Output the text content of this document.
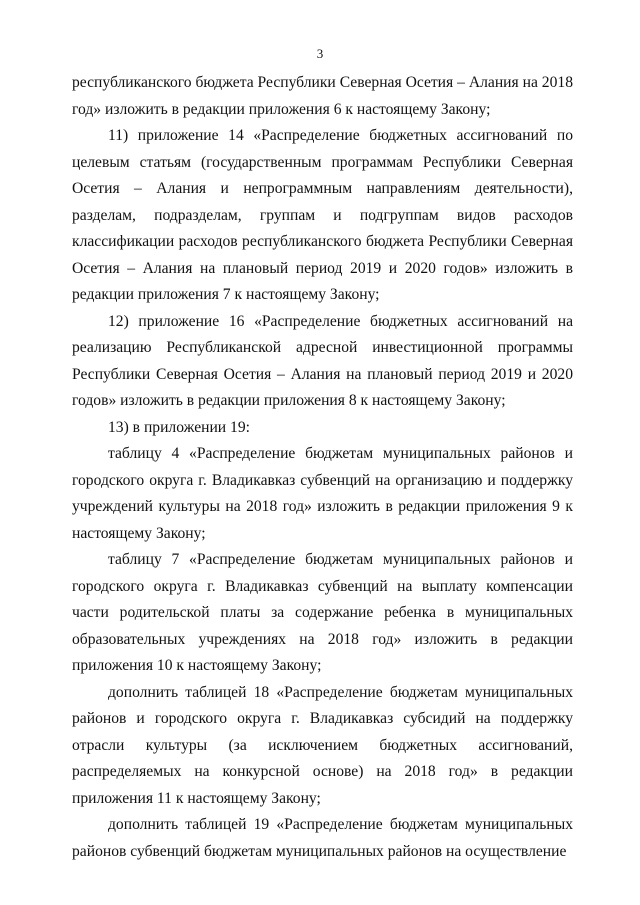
3

республиканского бюджета Республики Северная Осетия – Алания на 2018 год» изложить в редакции приложения 6 к настоящему Закону;

11) приложение 14 «Распределение бюджетных ассигнований по целевым статьям (государственным программам Республики Северная Осетия – Алания и непрограммным направлениям деятельности), разделам, подразделам, группам и подгруппам видов расходов классификации расходов республиканского бюджета Республики Северная Осетия – Алания на плановый период 2019 и 2020 годов» изложить в редакции приложения 7 к настоящему Закону;

12) приложение 16 «Распределение бюджетных ассигнований на реализацию Республиканской адресной инвестиционной программы Республики Северная Осетия – Алания на плановый период 2019 и 2020 годов» изложить в редакции приложения 8 к настоящему Закону;

13) в приложении 19:

таблицу 4 «Распределение бюджетам муниципальных районов и городского округа г. Владикавказ субвенций на организацию и поддержку учреждений культуры на 2018 год» изложить в редакции приложения 9 к настоящему Закону;

таблицу 7 «Распределение бюджетам муниципальных районов и городского округа г. Владикавказ субвенций на выплату компенсации части родительской платы за содержание ребенка в муниципальных образовательных учреждениях на 2018 год» изложить в редакции приложения 10 к настоящему Закону;

дополнить таблицей 18 «Распределение бюджетам муниципальных районов и городского округа г. Владикавказ субсидий на поддержку отрасли культуры (за исключением бюджетных ассигнований, распределяемых на конкурсной основе) на 2018 год» в редакции приложения 11 к настоящему Закону;

дополнить таблицей 19 «Распределение бюджетам муниципальных районов субвенций бюджетам муниципальных районов на осуществление
